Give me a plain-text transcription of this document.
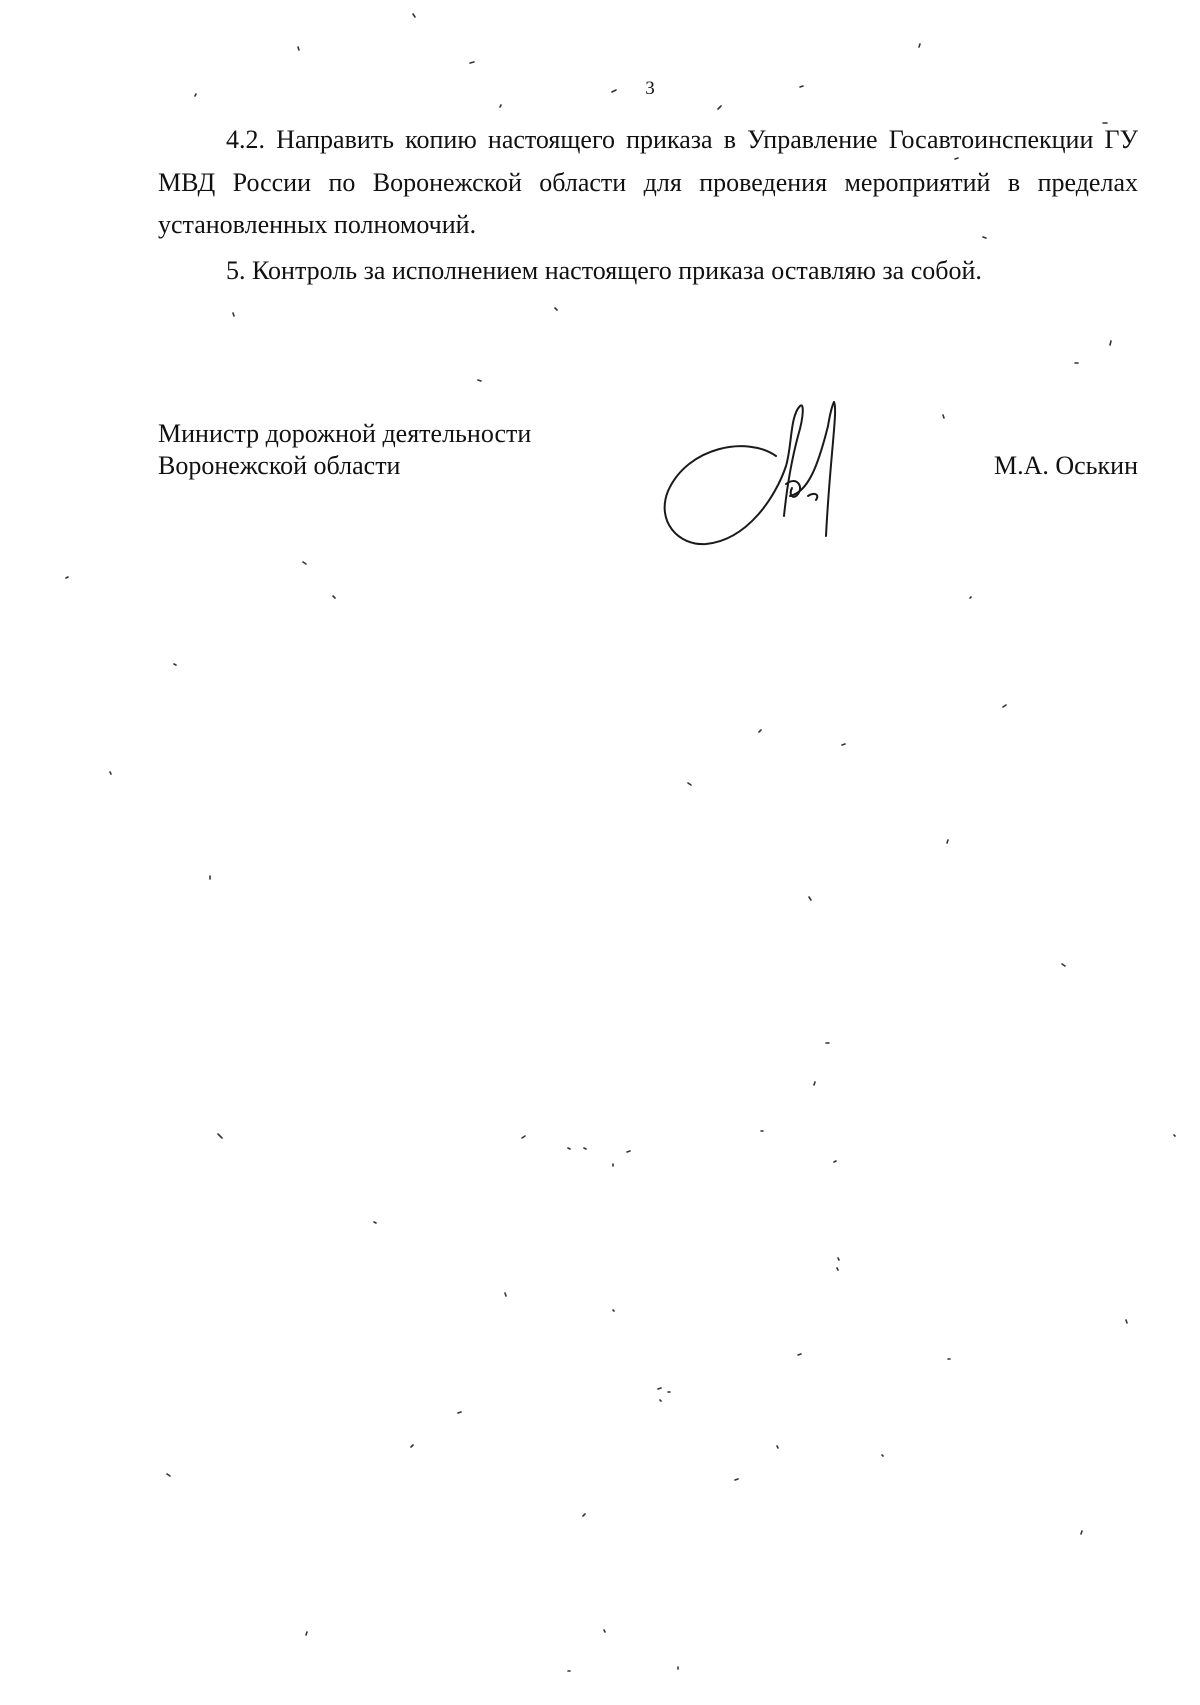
3

4.2. Направить копию настоящего приказа в Управление Госавтоинспекции ГУ МВД России по Воронежской области для проведения мероприятий в пределах установленных полномочий.

5. Контроль за исполнением настоящего приказа оставляю за собой.

Министр дорожной деятельности
Воронежской области	М.А. Оськин
